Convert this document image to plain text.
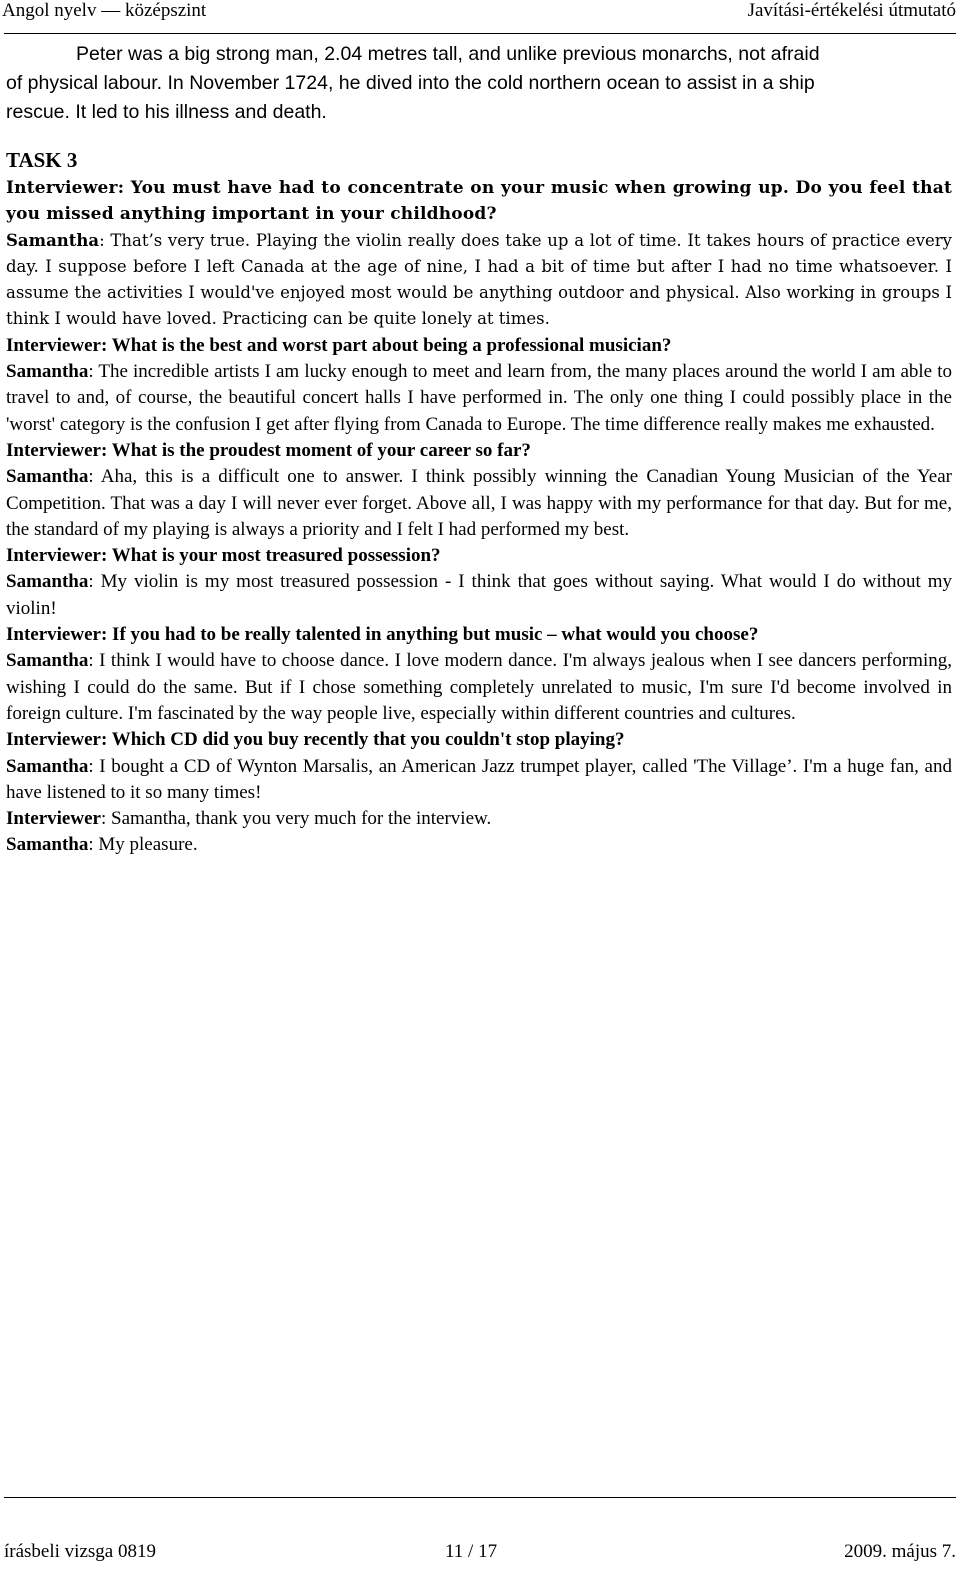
Angol nyelv — középszint	Javítási-értékelési útmutató
Peter was a big strong man, 2.04 metres tall, and unlike previous monarchs, not afraid
of physical labour. In November 1724, he dived into the cold northern ocean to assist in a ship
rescue. It led to his illness and death.
TASK 3
Interviewer: You must have had to concentrate on your music when growing up. Do you feel that you missed anything important in your childhood?
Samantha: That’s very true. Playing the violin really does take up a lot of time. It takes hours of practice every day. I suppose before I left Canada at the age of nine, I had a bit of time but after I had no time whatsoever. I assume the activities I would've enjoyed most would be anything outdoor and physical. Also working in groups I think I would have loved. Practicing can be quite lonely at times.
Interviewer: What is the best and worst part about being a professional musician?
Samantha: The incredible artists I am lucky enough to meet and learn from, the many places around the world I am able to travel to and, of course, the beautiful concert halls I have performed in. The only one thing I could possibly place in the 'worst' category is the confusion I get after flying from Canada to Europe. The time difference really makes me exhausted.
Interviewer: What is the proudest moment of your career so far?
Samantha: Aha, this is a difficult one to answer. I think possibly winning the Canadian Young Musician of the Year Competition. That was a day I will never ever forget. Above all, I was happy with my performance for that day. But for me, the standard of my playing is always a priority and I felt I had performed my best.
Interviewer: What is your most treasured possession?
Samantha: My violin is my most treasured possession - I think that goes without saying. What would I do without my violin!
Interviewer: If you had to be really talented in anything but music – what would you choose?
Samantha: I think I would have to choose dance. I love modern dance. I'm always jealous when I see dancers performing, wishing I could do the same. But if I chose something completely unrelated to music, I'm sure I'd become involved in foreign culture. I'm fascinated by the way people live, especially within different countries and cultures.
Interviewer: Which CD did you buy recently that you couldn't stop playing?
Samantha: I bought a CD of Wynton Marsalis, an American Jazz trumpet player, called 'The Village’. I'm a huge fan, and have listened to it so many times!
Interviewer: Samantha, thank you very much for the interview.
Samantha: My pleasure.
írásbeli vizsga 0819	11 / 17	2009. május 7.
